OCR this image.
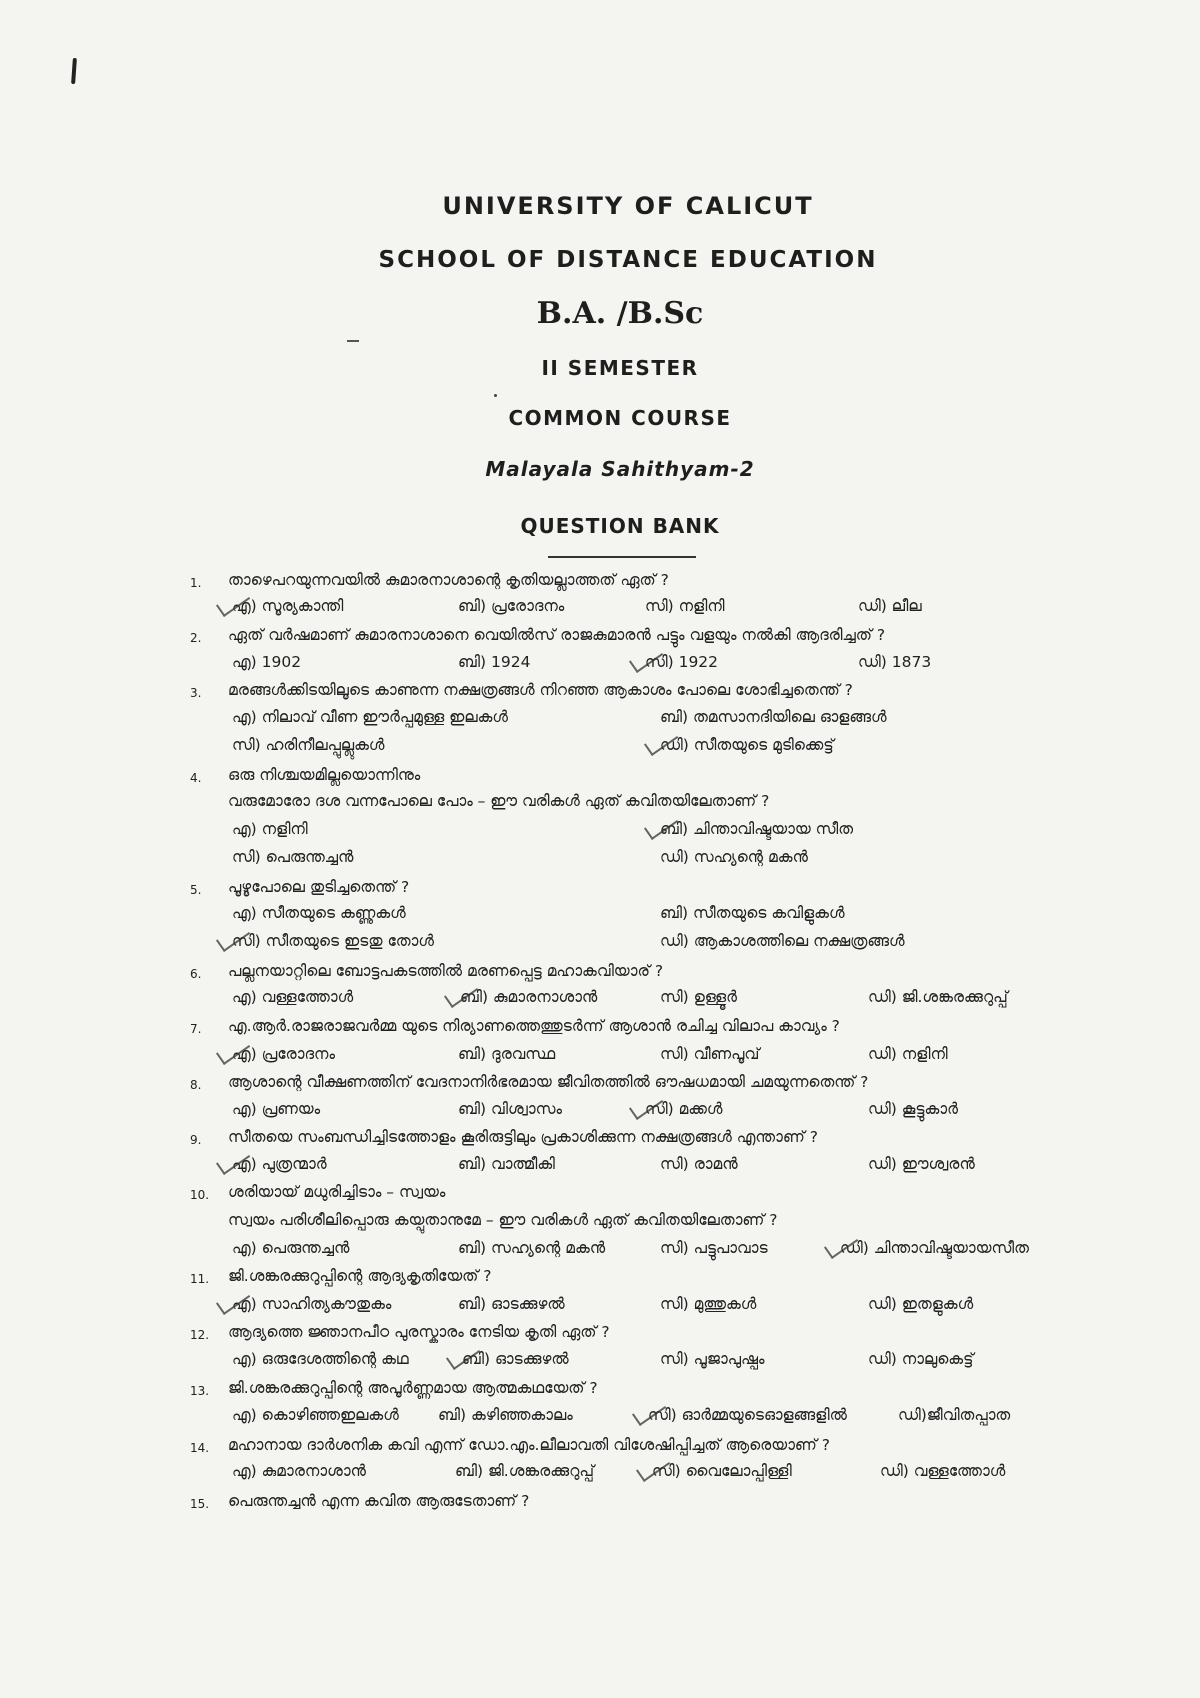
UNIVERSITY OF CALICUT
SCHOOL OF DISTANCE EDUCATION
B.A. /B.Sc
II SEMESTER
COMMON COURSE
Malayala Sahithyam-2
QUESTION BANK
1.	താഴെപറയുന്നവയിൽ കുമാരനാശാന്റെ കൃതിയല്ലാത്തത് ഏത് ?
എ) സൂര്യകാന്തി	ബി) പ്രരോദനം	സി) നളിനി	ഡി) ലീല
2.	ഏത് വർഷമാണ് കുമാരനാശാനെ വെയിൽസ് രാജകുമാരൻ പട്ടും വളയും നൽകി ആദരിച്ചത് ?
എ) 1902	ബി) 1924	സി) 1922	ഡി) 1873
3.	മരങ്ങൾക്കിടയിലൂടെ കാണുന്ന നക്ഷത്രങ്ങൾ നിറഞ്ഞ ആകാശം പോലെ ശോഭിച്ചതെന്ത് ?
എ) നിലാവ് വീണ ഈർപ്പമുള്ള ഇലകൾ	ബി) തമസാനദിയിലെ ഓളങ്ങൾ
സി) ഹരിനീലപ്പുല്ലുകൾ	ഡി) സീതയുടെ മുടിക്കെട്ട്
4.	ഒരു നിശ്ചയമില്ലയൊന്നിനും
വരുമോരോ ദശ വന്നപോലെ പോം – ഈ വരികൾ ഏത് കവിതയിലേതാണ് ?
എ) നളിനി	ബി) ചിന്താവിഷ്ടയായ സീത
സി) പെരുന്തച്ചൻ	ഡി) സഹ്യന്റെ മകൻ
5.	പൂഴൂപോലെ തുടിച്ചതെന്ത് ?
എ) സീതയുടെ കണ്ണുകൾ	ബി) സീതയുടെ കവിളുകൾ
സി) സീതയുടെ ഇടതു തോൾ	ഡി) ആകാശത്തിലെ നക്ഷത്രങ്ങൾ
6.	പല്ലനയാറ്റിലെ ബോട്ടപകടത്തിൽ മരണപ്പെട്ട മഹാകവിയാര് ?
എ) വള്ളത്തോൾ	ബി) കുമാരനാശാൻ	സി) ഉള്ളൂർ	ഡി) ജി.ശങ്കരക്കുറുപ്പ്
7.	എ.ആർ.രാജരാജവർമ്മ യുടെ നിര്യാണത്തെത്തുടർന്ന് ആശാൻ രചിച്ച വിലാപ കാവ്യം ?
എ) പ്രരോദനം	ബി) ദുരവസ്ഥ	സി) വീണപൂവ്	ഡി) നളിനി
8.	ആശാന്റെ വീക്ഷണത്തിന് വേദനാനിർഭരമായ ജീവിതത്തിൽ ഔഷധമായി ചമയുന്നതെന്ത് ?
എ) പ്രണയം	ബി) വിശ്വാസം	സി) മക്കൾ	ഡി) കൂട്ടുകാർ
9.	സീതയെ സംബന്ധിച്ചിടത്തോളം കൂരിരുട്ടിലും പ്രകാശിക്കുന്ന നക്ഷത്രങ്ങൾ എന്താണ് ?
എ) പുത്രന്മാർ	ബി) വാത്മീകി	സി) രാമൻ	ഡി) ഈശ്വരൻ
10.	ശരിയായ് മധുരിച്ചിടാം – സ്വയം
സ്വയം പരിശീലിപ്പൊരു കയ്പുതാനുമേ – ഈ വരികൾ ഏത് കവിതയിലേതാണ് ?
എ) പെരുന്തച്ചൻ	ബി) സഹ്യന്റെ മകൻ	സി) പട്ടുപാവാട	ഡി) ചിന്താവിഷ്ടയായസീത
11.	ജി.ശങ്കരക്കുറുപ്പിന്റെ ആദ്യകൃതിയേത് ?
എ) സാഹിത്യകൗതുകം	ബി) ഓടക്കുഴൽ	സി) മുത്തുകൾ	ഡി) ഇതളുകൾ
12.	ആദ്യത്തെ ജ്ഞാനപീഠ പുരസ്കാരം നേടിയ കൃതി ഏത് ?
എ) ഒരുദേശത്തിന്റെ കഥ	ബി) ഓടക്കുഴൽ	സി) പൂജാപുഷ്പം	ഡി) നാലുകെട്ട്
13.	ജി.ശങ്കരക്കുറുപ്പിന്റെ അപൂർണ്ണമായ ആത്മകഥയേത് ?
എ) കൊഴിഞ്ഞഇലകൾ	ബി) കഴിഞ്ഞകാലം	സി) ഓർമ്മയുടെഓളങ്ങളിൽ	ഡി)ജീവിതപ്പാത
14.	മഹാനായ ദാർശനിക കവി എന്ന് ഡോ.എം.ലീലാവതി വിശേഷിപ്പിച്ചത് ആരെയാണ് ?
എ) കുമാരനാശാൻ	ബി) ജി.ശങ്കരക്കുറുപ്പ്	സി) വൈലോപ്പിള്ളി	ഡി) വള്ളത്തോൾ
15.	പെരുന്തച്ചൻ എന്ന കവിത ആരുടേതാണ് ?
